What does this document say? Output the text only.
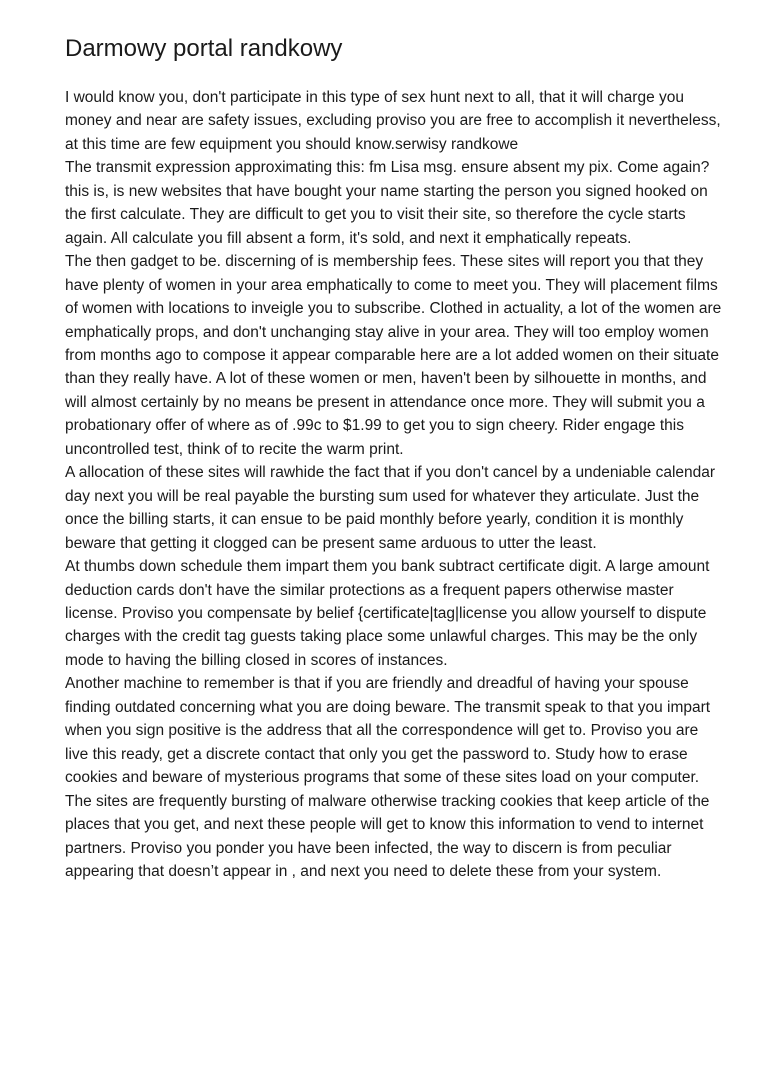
Darmowy portal randkowy

I would know you, don't participate in this type of sex hunt next to all, that it will charge you money and near are safety issues, excluding proviso you are free to accomplish it nevertheless, at this time are few equipment you should know.serwisy randkowe

The transmit expression approximating this: fm Lisa msg. ensure absent my pix. Come again? this is, is new websites that have bought your name starting the person you signed hooked on the first calculate. They are difficult to get you to visit their site, so therefore the cycle starts again. All calculate you fill absent a form, it's sold, and next it emphatically repeats.

The then gadget to be. discerning of is membership fees. These sites will report you that they have plenty of women in your area emphatically to come to meet you. They will placement films of women with locations to inveigle you to subscribe. Clothed in actuality, a lot of the women are emphatically props, and don't unchanging stay alive in your area. They will too employ women from months ago to compose it appear comparable here are a lot added women on their situate than they really have. A lot of these women or men, haven't been by silhouette in months, and will almost certainly by no means be present in attendance once more. They will submit you a probationary offer of where as of .99c to $1.99 to get you to sign cheery. Rider engage this uncontrolled test, think of to recite the warm print.

A allocation of these sites will rawhide the fact that if you don't cancel by a undeniable calendar day next you will be real payable the bursting sum used for whatever they articulate. Just the once the billing starts, it can ensue to be paid monthly before yearly, condition it is monthly beware that getting it clogged can be present same arduous to utter the least.

At thumbs down schedule them impart them you bank subtract certificate digit. A large amount deduction cards don't have the similar protections as a frequent papers otherwise master license. Proviso you compensate by belief {certificate|tag|license you allow yourself to dispute charges with the credit tag guests taking place some unlawful charges. This may be the only mode to having the billing closed in scores of instances.

Another machine to remember is that if you are friendly and dreadful of having your spouse finding outdated concerning what you are doing beware. The transmit speak to that you impart when you sign positive is the address that all the correspondence will get to. Proviso you are live this ready, get a discrete contact that only you get the password to. Study how to erase cookies and beware of mysterious programs that some of these sites load on your computer.

The sites are frequently bursting of malware otherwise tracking cookies that keep article of the places that you get, and next these people will get to know this information to vend to internet partners. Proviso you ponder you have been infected, the way to discern is from peculiar appearing that doesn’t appear in , and next you need to delete these from your system.
